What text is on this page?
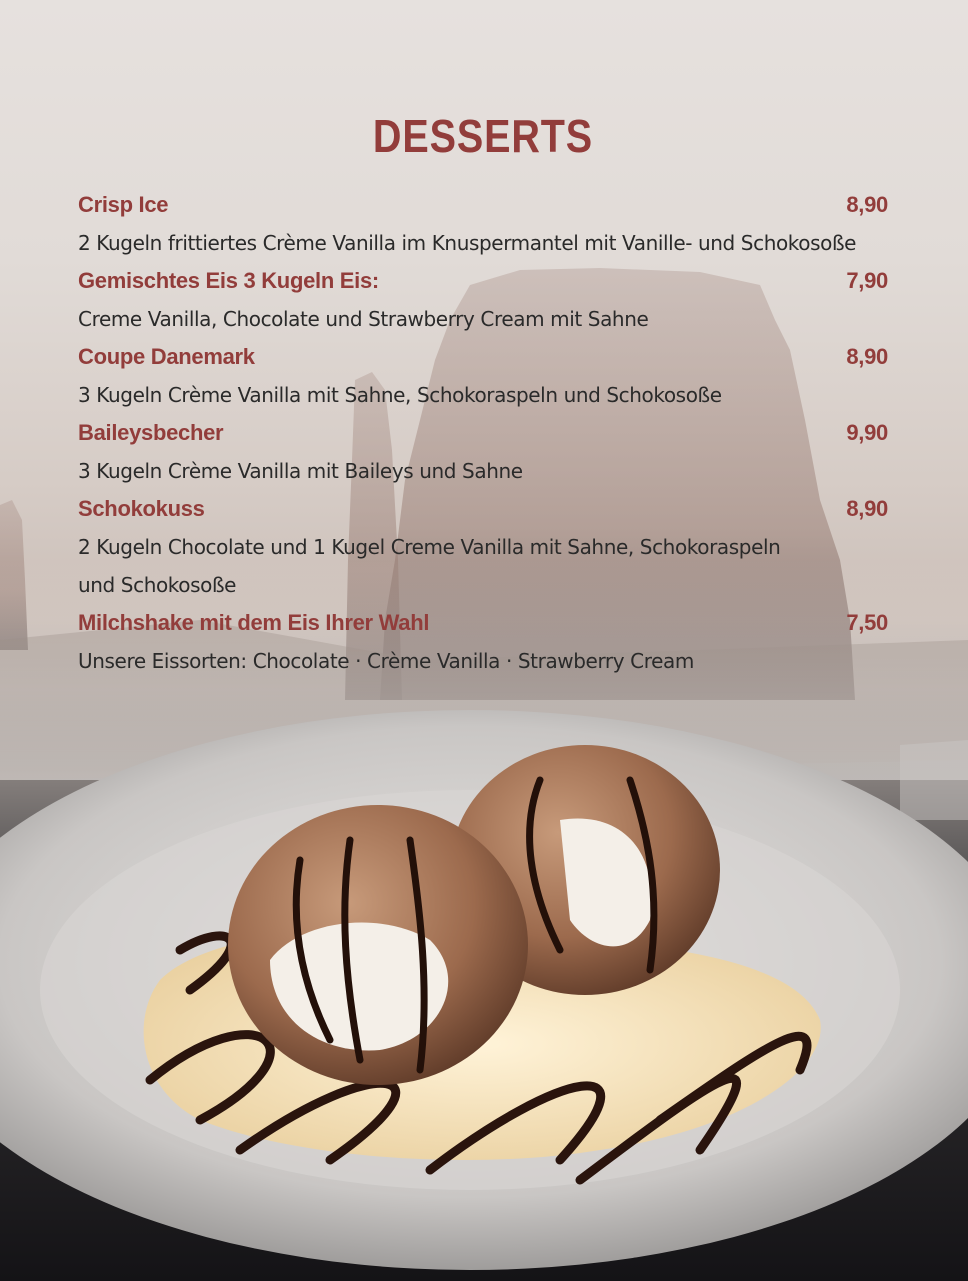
DESSERTS
Crisp Ice	8,90
2 Kugeln frittiertes Crème Vanilla im Knuspermantel mit Vanille- und Schokosoße
Gemischtes Eis 3 Kugeln Eis:	7,90
Creme Vanilla, Chocolate und Strawberry Cream mit Sahne
Coupe Danemark	8,90
3 Kugeln Crème Vanilla mit Sahne, Schokoraspeln und Schokosoße
Baileysbecher	9,90
3 Kugeln Crème Vanilla mit Baileys und Sahne
Schokokuss	8,90
2 Kugeln Chocolate und 1 Kugel Creme Vanilla mit Sahne, Schokoraspeln
und Schokosoße
Milchshake mit dem Eis Ihrer Wahl	7,50
Unsere Eissorten: Chocolate · Crème Vanilla · Strawberry Cream
